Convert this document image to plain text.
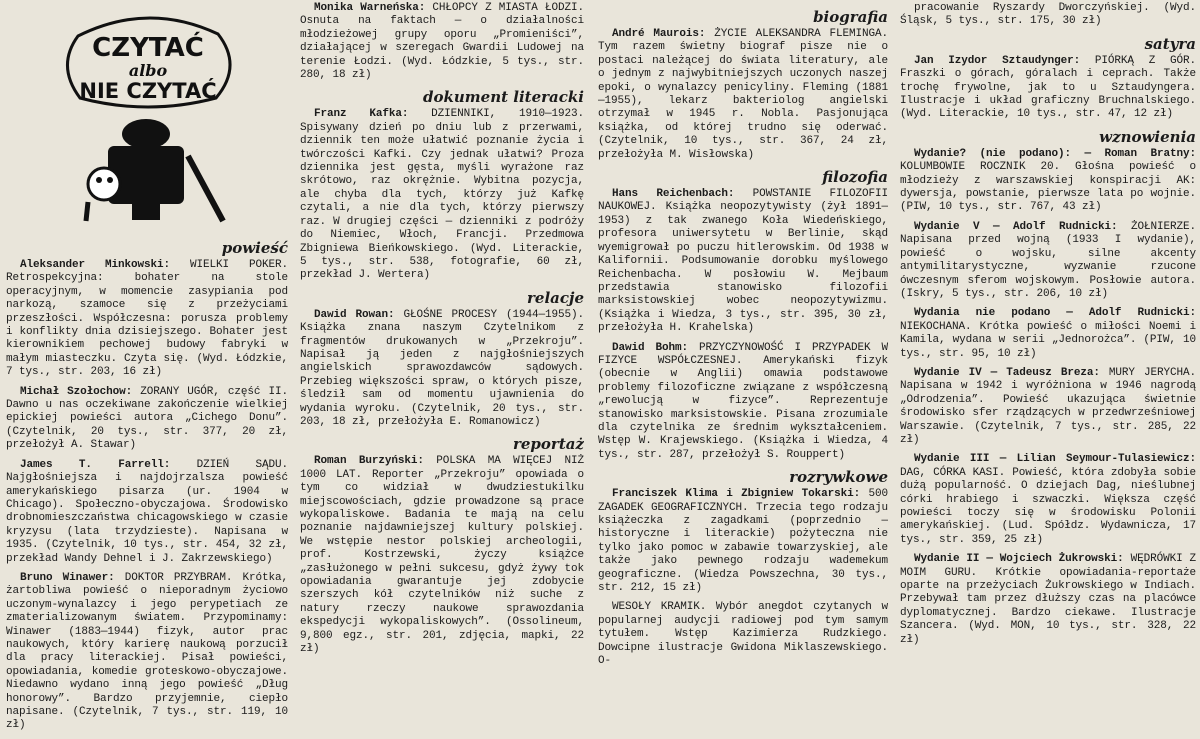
CZYTAĆ
albo
NIE CZYTAĆ
powieść

Aleksander Minkowski: WIELKI POKER. Retrospekcyjna: bohater na stole operacyjnym, w momencie zasypiania pod narkozą, szamoce się z przeżyciami przeszłości. Współczesna: porusza problemy i konflikty dnia dzisiejszego. Bohater jest kierownikiem pechowej budowy fabryki w małym miasteczku. Czyta się. (Wyd. Łódzkie, 7 tys., str. 203, 16 zł)

Michał Szołochow: ZORANY UGÓR, część II. Dawno u nas oczekiwane zakończenie wielkiej epickiej powieści autora „Cichego Donu”. (Czytelnik, 20 tys., str. 377, 20 zł, przełożył A. Stawar)

James T. Farrell: DZIEŃ SĄDU. Najgłośniejsza i najdojrzalsza powieść amerykańskiego pisarza (ur. 1904 w Chicago). Społeczno-obyczajowa. Środowisko drobnomieszczaństwa chicagowskiego w czasie kryzysu (lata trzydzieste). Napisana w 1935. (Czytelnik, 10 tys., str. 454, 32 zł, przekład Wandy Dehnel i J. Zakrzewskiego)

Bruno Winawer: DOKTOR PRZYBRAM. Krótka, żartobliwa powieść o nieporadnym życiowo uczonym-wynalazcy i jego perypetiach ze zmaterializowanym światem. Przypominamy: Winawer (1883—1944) fizyk, autor prac naukowych, który karierę naukową porzucił dla pracy literackiej. Pisał powieści, opowiadania, komedie groteskowo-obyczajowe. Niedawno wydano inną jego powieść „Dług honorowy”. Bardzo przyjemnie, ciepło napisane. (Czytelnik, 7 tys., str. 119, 10 zł)

Monika Warneńska: CHŁOPCY Z MIASTA ŁODZI. Osnuta na faktach — o działalności młodzieżowej grupy oporu „Promieniści”, działającej w szeregach Gwardii Ludowej na terenie Łodzi. (Wyd. Łódzkie, 5 tys., str. 280, 18 zł)

dokument literacki

Franz Kafka: DZIENNIKI, 1910—1923. Spisywany dzień po dniu lub z przerwami, dziennik ten może ułatwić poznanie życia i twórczości Kafki. Czy jednak ułatwi? Proza dziennika jest gęsta, myśli wyrażone raz skrótowo, raz okrężnie. Wybitna pozycja, ale chyba dla tych, którzy już Kafkę czytali, a nie dla tych, którzy pierwszy raz. W drugiej części — dzienniki z podróży do Niemiec, Włoch, Francji. Przedmowa Zbigniewa Bieńkowskiego. (Wyd. Literackie, 5 tys., str. 538, fotografie, 60 zł, przekład J. Wertera)

relacje

Dawid Rowan: GŁOŚNE PROCESY (1944—1955). Książka znana naszym Czytelnikom z fragmentów drukowanych w „Przekroju”. Napisał ją jeden z najgłośniejszych angielskich sprawozdawców sądowych. Przebieg większości spraw, o których pisze, śledził sam od momentu ujawnienia do wydania wyroku. (Czytelnik, 20 tys., str. 203, 18 zł, przełożyła E. Romanowicz)

reportaż

Roman Burzyński: POLSKA MA WIĘCEJ NIŻ 1000 LAT. Reporter „Przekroju” opowiada o tym co widział w dwudziestukilku miejscowościach, gdzie prowadzone są prace wykopaliskowe. Badania te mają na celu poznanie najdawniejszej kultury polskiej. We wstępie nestor polskiej archeologii, prof. Kostrzewski, życzy książce „zasłużonego w pełni sukcesu, gdyż żywy tok opowiadania gwarantuje jej zdobycie szerszych kół czytelników niż suche z natury rzeczy naukowe sprawozdania ekspedycji wykopaliskowych”. (Ossolineum, 9,800 egz., str. 201, zdjęcia, mapki, 22 zł)

biografia

André Maurois: ŻYCIE ALEKSANDRA FLEMINGA. Tym razem świetny biograf pisze nie o postaci należącej do świata literatury, ale o jednym z najwybitniejszych uczonych naszej epoki, o wynalazcy penicyliny. Fleming (1881—1955), lekarz bakteriolog angielski otrzymał w 1945 r. Nobla. Pasjonująca książka, od której trudno się oderwać. (Czytelnik, 10 tys., str. 367, 24 zł, przełożyła M. Wisłowska)

filozofia

Hans Reichenbach: POWSTANIE FILOZOFII NAUKOWEJ. Książka neopozytywisty (żył 1891—1953) z tak zwanego Koła Wiedeńskiego, profesora uniwersytetu w Berlinie, skąd wyemigrował po puczu hitlerowskim. Od 1938 w Kalifornii. Podsumowanie dorobku myślowego Reichenbacha. W posłowiu W. Mejbaum przedstawia stanowisko filozofii marksistowskiej wobec neopozytywizmu. (Książka i Wiedza, 3 tys., str. 395, 30 zł, przełożyła H. Krahelska)

Dawid Bohm: PRZYCZYNOWOŚĆ I PRZYPADEK W FIZYCE WSPÓŁCZESNEJ. Amerykański fizyk (obecnie w Anglii) omawia podstawowe problemy filozoficzne związane z współczesną „rewolucją w fizyce”. Reprezentuje stanowisko marksistowskie. Pisana zrozumiale dla czytelnika ze średnim wykształceniem. Wstęp W. Krajewskiego. (Książka i Wiedza, 4 tys., str. 287, przełożył S. Rouppert)

rozrywkowe

Franciszek Klima i Zbigniew Tokarski: 500 ZAGADEK GEOGRAFICZNYCH. Trzecia tego rodzaju książeczka z zagadkami (poprzednio — historyczne i literackie) pożyteczna nie tylko jako pomoc w zabawie towarzyskiej, ale także jako pewnego rodzaju wademekum geograficzne. (Wiedza Powszechna, 30 tys., str. 212, 15 zł)

WESOŁY KRAMIK. Wybór anegdot czytanych w popularnej audycji radiowej pod tym samym tytułem. Wstęp Kazimierza Rudzkiego. Dowcipne ilustracje Gwidona Miklaszewskiego. O-

pracowanie Ryszardy Dworczyńskiej. (Wyd. Śląsk, 5 tys., str. 175, 30 zł)

satyra

Jan Izydor Sztaudynger: PIÓRKĄ Z GÓR. Fraszki o górach, góralach i ceprach. Także trochę frywolne, jak to u Sztaudyngera. Ilustracje i układ graficzny Bruchnalskiego. (Wyd. Literackie, 10 tys., str. 47, 12 zł)

wznowienia

Wydanie? (nie podano): — Roman Bratny: KOLUMBOWIE ROCZNIK 20. Głośna powieść o młodzieży z warszawskiej konspiracji AK: dywersja, powstanie, pierwsze lata po wojnie. (PIW, 10 tys., str. 767, 43 zł)

Wydanie V — Adolf Rudnicki: ŻOŁNIERZE. Napisana przed wojną (1933 I wydanie), powieść o wojsku, silne akcenty antymilitarystyczne, wyzwanie rzucone ówczesnym sferom wojskowym. Posłowie autora. (Iskry, 5 tys., str. 206, 10 zł)

Wydania nie podano — Adolf Rudnicki: NIEKOCHANA. Krótka powieść o miłości Noemi i Kamila, wydana w serii „Jednorożca”. (PIW, 10 tys., str. 95, 10 zł)

Wydanie IV — Tadeusz Breza: MURY JERYCHA. Napisana w 1942 i wyróżniona w 1946 nagrodą „Odrodzenia”. Powieść ukazująca świetnie środowisko sfer rządzących w przedwrześniowej Warszawie. (Czytelnik, 7 tys., str. 285, 22 zł)

Wydanie III — Lilian Seymour-Tulasiewicz: DAG, CÓRKA KASI. Powieść, która zdobyła sobie dużą popularność. O dziejach Dag, nieślubnej córki hrabiego i szwaczki. Większa część powieści toczy się w środowisku Polonii amerykańskiej. (Lud. Spółdz. Wydawnicza, 17 tys., str. 359, 25 zł)

Wydanie II — Wojciech Żukrowski: WĘDRÓWKI Z MOIM GURU. Krótkie opowiadania-reportaże oparte na przeżyciach Żukrowskiego w Indiach. Przebywał tam przez dłuższy czas na placówce dyplomatycznej. Bardzo ciekawe. Ilustracje Szancera. (Wyd. MON, 10 tys., str. 328, 22 zł)
